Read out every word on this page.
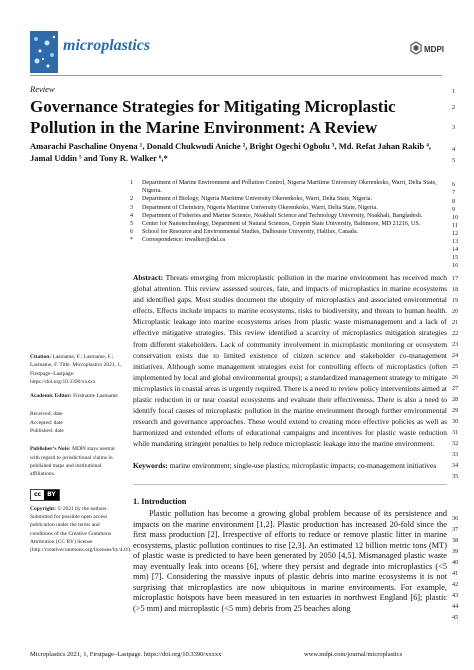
microplastics	MDPI
Review
Governance Strategies for Mitigating Microplastic Pollution in the Marine Environment: A Review
Amarachi Paschaline Onyena ¹, Donald Chukwudi Aniche ², Bright Ogechi Ogbolu ³, Md. Refat Jahan Rakib ⁴, Jamal Uddin ⁵ and Tony R. Walker ⁶,*
1 Department of Marine Environment and Pollution Control, Nigeria Maritime University Okerenkoko, Warri, Delta State, Nigeria.
2 Department of Biology, Nigeria Maritime University Okerenkoko, Warri, Delta State, Nigeria.
3 Department of Chemistry, Nigeria Maritime University Okerenkoko, Warri, Delta State, Nigeria.
4 Department of Fisheries and Marine Science, Noakhali Science and Technology University, Noakhali, Bangladesh.
5 Center for Nanotechnology, Department of Natural Sciences, Coppin State University, Baltimore, MD 21216, US.
6 School for Resource and Environmental Studies, Dalhousie University, Halifax, Canada.
* Correspondence: trwalker@dal.ca

Citation: Lastname, F.; Lastname, F.; Lastname, F. Title. Microplastics 2021, 1, Firstpage–Lastpage. https://doi.org/10.3390/xxxxx

Academic Editor: Firstname Lastname

Received: date
Accepted: date
Published: date

Publisher’s Note: MDPI stays neutral with regard to jurisdictional claims in published maps and institutional affiliations.

cc	BY

Copyright: © 2021 by the authors. Submitted for possible open access publication under the terms and conditions of the Creative Commons Attribution (CC BY) license (http://creativecommons.org/licenses/by/4.0/).

Abstract: Threats emerging from microplastic pollution in the marine environment has received much global attention. This review assessed sources, fate, and impacts of microplastics in marine ecosystems and identified gaps. Most studies document the ubiquity of microplastics and associated environmental effects. Effects include impacts to marine ecosystems, risks to biodiversity, and threats to human health. Microplastic leakage into marine ecosystems arises from plastic waste mismanagement and a lack of effective mitigative strategies. This review identified a scarcity of microplastics mitigation strategies from different stakeholders. Lack of community involvement in microplastic monitoring or ecosystem conservation exists due to limited existence of citizen science and stakeholder co-management initiatives. Although some management strategies exist for controlling effects of microplastics (often implemented by local and global environmental groups); a standardized management strategy to mitigate microplastics in coastal areas is urgently required. There is a need to review policy interventions aimed at plastic reduction in or near coastal ecosystems and evaluate their effectiveness. There is also a need to identify focal causes of microplastic pollution in the marine environment through further environmental research and governance approaches. These would extend to creating more effective policies as well as harmonized and extended efforts of educational campaigns and incentives for plastic waste reduction while mandating stringent penalties to help reduce microplastic leakage into the marine environment.
Keywords: marine environment; single-use plastics; microplastic impacts; co-management initiatives
1. Introduction
Plastic pollution has become a growing global problem because of its persistence and impacts on the marine environment [1,2]. Plastic production has increased 20-fold since the first mass production [2]. Irrespective of efforts to reduce or remove plastic litter in marine ecosystems, plastic pollution continues to rise [2,3]. An estimated 12 billion metric tons (MT) of plastic waste is predicted to have been generated by 2050 [4,5]. Mismanaged plastic waste may eventually leak into oceans [6], where they persist and degrade into microplastics (<5 mm) [7]. Considering the massive inputs of plastic debris into marine ecosystems it is not surprising that microplastics are now ubiquitous in marine environments. For example, microplastic hotspots have been measured in ten estuaries in northwest England [6]; plastic (>5 mm) and microplastic (<5 mm) debris from 25 beaches along
1
2
3
4
5
6
7
8
9
10
11
12
13
14
15
16
17
18
19
20
21
22
23
24
25
26
27
28
29
30
31
32
33
34
35
36
37
38
39
40
41
42
43
44
45
Microplastics 2021, 1, Firstpage–Lastpage. https://doi.org/10.3390/xxxxx	www.mdpi.com/journal/microplastics
